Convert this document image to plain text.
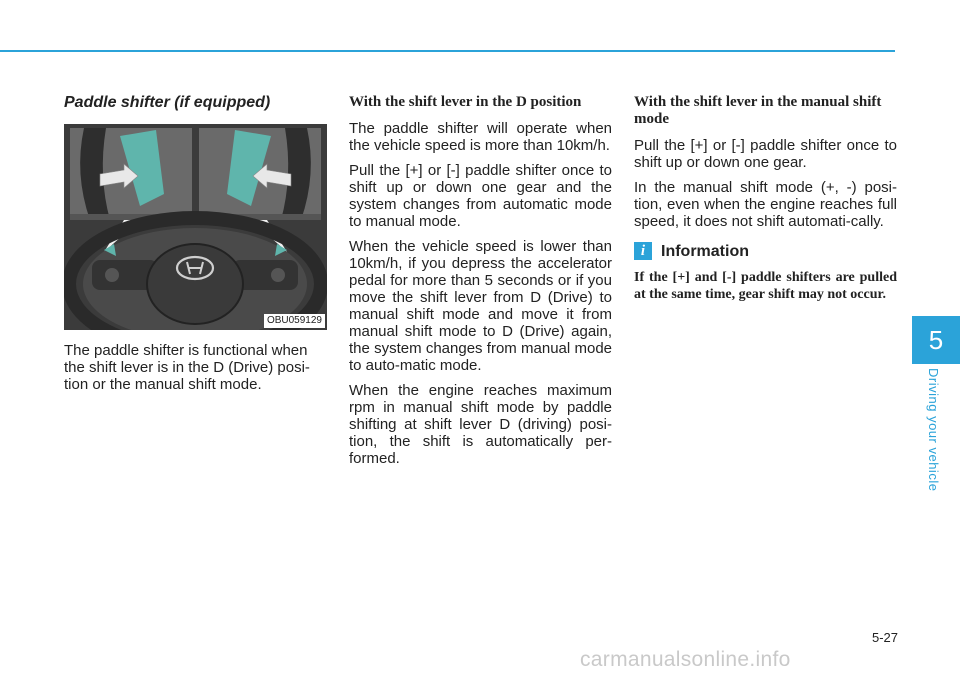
Paddle shifter (if equipped)
OBU059129

The paddle shifter is functional when the shift lever is in the D (Drive) posi-tion or the manual shift mode.

With the shift lever in the D position

The paddle shifter will operate when the vehicle speed is more than 10km/h.

Pull the [+] or [-] paddle shifter once to shift up or down one gear and the system changes from automatic mode to manual mode.

When the vehicle speed is lower than 10km/h, if you depress the accelerator pedal for more than 5 seconds or if you move the shift lever from D (Drive) to manual shift mode and move it from manual shift mode to D (Drive) again, the system changes from manual mode to auto-matic mode.

When the engine reaches maximum rpm in manual shift mode by paddle shifting at shift lever D (driving) posi-tion, the shift is automatically per-formed.

With the shift lever in the manual shift mode

Pull the [+] or [-] paddle shifter once to shift up or down one gear.

In the manual shift mode (+, -) posi-tion, even when the engine reaches full speed, it does not shift automati-cally.

i Information

If the [+] and [-] paddle shifters are pulled at the same time, gear shift may not occur.

5
Driving your vehicle
5-27
carmanualsonline.info
